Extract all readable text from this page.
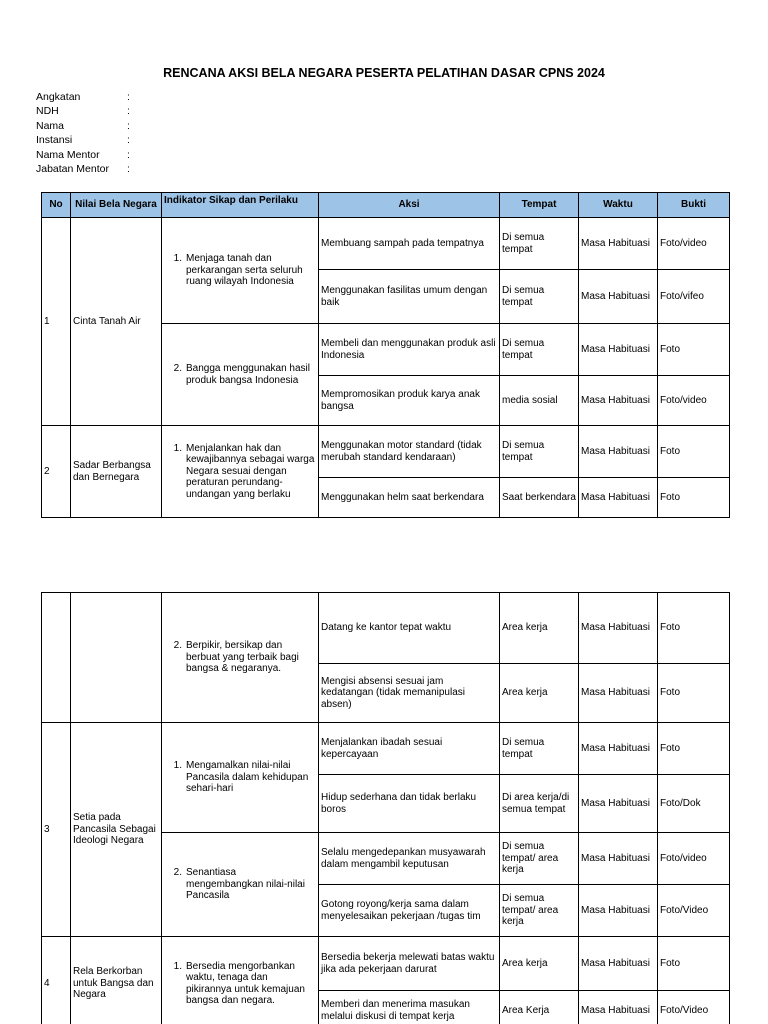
RENCANA AKSI BELA NEGARA PESERTA PELATIHAN DASAR CPNS 2024
Angkatan	:
NDH	:
Nama	:
Instansi	:
Nama Mentor	:
Jabatan Mentor :
No	Nilai Bela Negara	Indikator Sikap dan Perilaku	Aksi	Tempat	Waktu	Bukti
1	Cinta Tanah Air	1. Menjaga tanah dan perkarangan serta seluruh ruang wilayah Indonesia	Membuang sampah pada tempatnya	Di semua tempat	Masa Habituasi	Foto/video
			Menggunakan fasilitas umum dengan baik	Di semua tempat	Masa Habituasi	Foto/vifeo

		2. Bangga menggunakan hasil produk bangsa Indonesia	Membeli dan menggunakan produk asli Indonesia	Di semua tempat	Masa Habituasi	Foto
			Mempromosikan produk karya anak bangsa	media sosial	Masa Habituasi	Foto/video
2	Sadar Berbangsa dan Bernegara	1. Menjalankan hak dan kewajibannya sebagai warga Negara sesuai dengan peraturan perundang-undangan yang berlaku	Menggunakan motor standard (tidak merubah standard kendaraan)	Di semua tempat	Masa Habituasi	Foto
			Menggunakan helm saat berkendara	Saat berkendara	Masa Habituasi	Foto

		2. Berpikir, bersikap dan berbuat yang terbaik bagi bangsa & negaranya.	Datang ke kantor tepat waktu	Area kerja	Masa Habituasi	Foto
			Mengisi absensi sesuai jam kedatangan (tidak memanipulasi absen)	Area kerja	Masa Habituasi	Foto
3	Setia pada Pancasila Sebagai Ideologi Negara	1. Mengamalkan nilai-nilai Pancasila dalam kehidupan sehari-hari	Menjalankan ibadah sesuai kepercayaan	Di semua tempat	Masa Habituasi	Foto
			Hidup sederhana dan tidak berlaku boros	Di area kerja/di semua tempat	Masa Habituasi	Foto/Dok

		2. Senantiasa mengembangkan nilai-nilai Pancasila	Selalu mengedepankan musyawarah dalam mengambil keputusan	Di semua tempat/ area kerja	Masa Habituasi	Foto/video
			Gotong royong/kerja sama dalam menyelesaikan pekerjaan /tugas tim	Di semua tempat/ area kerja	Masa Habituasi	Foto/Video
4	Rela Berkorban untuk Bangsa dan Negara	1. Bersedia mengorbankan waktu, tenaga dan pikirannya untuk kemajuan bangsa dan negara.	Bersedia bekerja melewati batas waktu jika ada pekerjaan darurat	Area kerja	Masa Habituasi	Foto
			Memberi dan menerima masukan melalui diskusi di tempat kerja	Area Kerja	Masa Habituasi	Foto/Video
